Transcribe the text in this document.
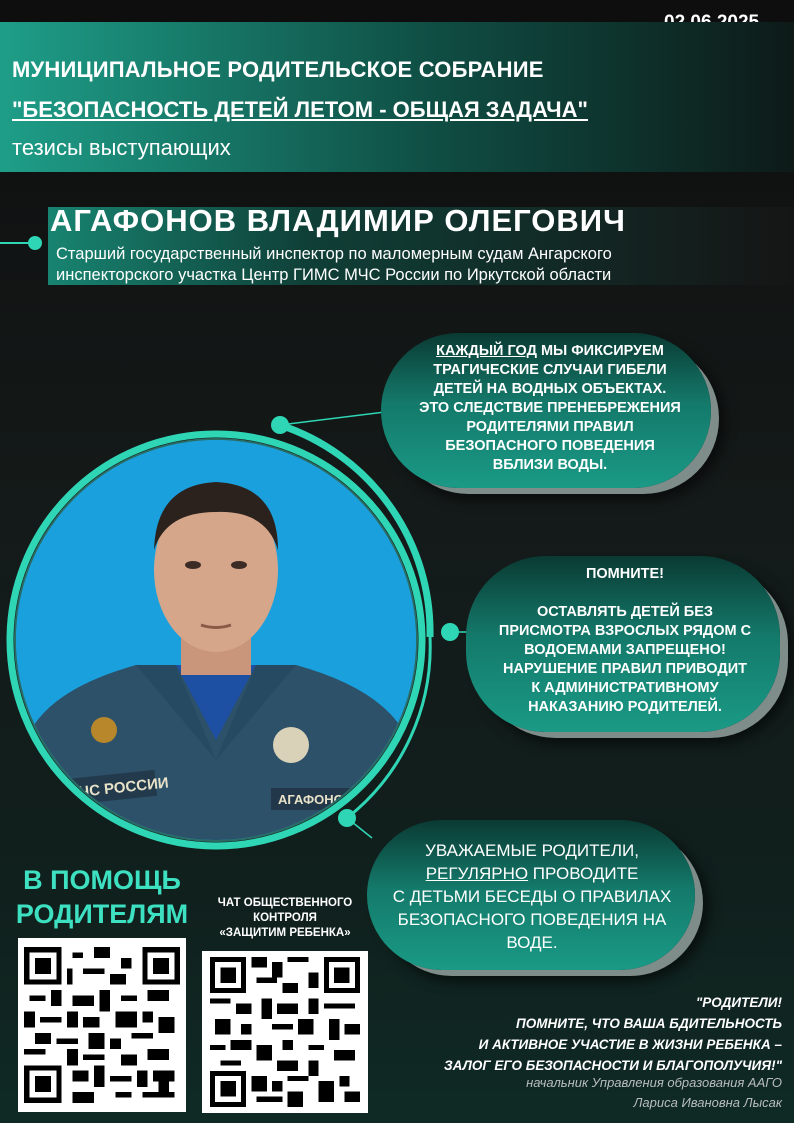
МУНИЦИПАЛЬНОЕ РОДИТЕЛЬСКОЕ СОБРАНИЕ
"БЕЗОПАСНОСТЬ ДЕТЕЙ ЛЕТОМ - ОБЩАЯ ЗАДАЧА"
тезисы выступающих
АГАФОНОВ ВЛАДИМИР ОЛЕГОВИЧ
Старший государственный инспектор по маломерным судам Ангарского
инспекторского участка Центр ГИМС МЧС России по Иркутской области
МЧС РОССИИ	АГАФОНОВ В.
КАЖДЫЙ ГОД МЫ ФИКСИРУЕМ
ТРАГИЧЕСКИЕ СЛУЧАИ ГИБЕЛИ
ДЕТЕЙ НА ВОДНЫХ ОБЪЕКТАХ.
ЭТО СЛЕДСТВИЕ ПРЕНЕБРЕЖЕНИЯ
РОДИТЕЛЯМИ ПРАВИЛ
БЕЗОПАСНОГО ПОВЕДЕНИЯ
ВБЛИЗИ ВОДЫ.
ПОМНИТЕ!
ОСТАВЛЯТЬ ДЕТЕЙ БЕЗ
ПРИСМОТРА ВЗРОСЛЫХ РЯДОМ С
ВОДОЕМАМИ ЗАПРЕЩЕНО!
НАРУШЕНИЕ ПРАВИЛ ПРИВОДИТ
К АДМИНИСТРАТИВНОМУ
НАКАЗАНИЮ РОДИТЕЛЕЙ.
УВАЖАЕМЫЕ РОДИТЕЛИ,
РЕГУЛЯРНО ПРОВОДИТЕ
С ДЕТЬМИ БЕСЕДЫ О ПРАВИЛАХ
БЕЗОПАСНОГО ПОВЕДЕНИЯ НА
ВОДЕ.
В ПОМОЩЬ
РОДИТЕЛЯМ	ЧАТ ОБЩЕСТВЕННОГО
КОНТРОЛЯ
«ЗАЩИТИМ РЕБЕНКА»
"РОДИТЕЛИ!
ПОМНИТЕ, ЧТО ВАША БДИТЕЛЬНОСТЬ
И АКТИВНОЕ УЧАСТИЕ В ЖИЗНИ РЕБЕНКА –
ЗАЛОГ ЕГО БЕЗОПАСНОСТИ И БЛАГОПОЛУЧИЯ!"
начальник Управления образования ААГО
Лариса Ивановна Лысак
